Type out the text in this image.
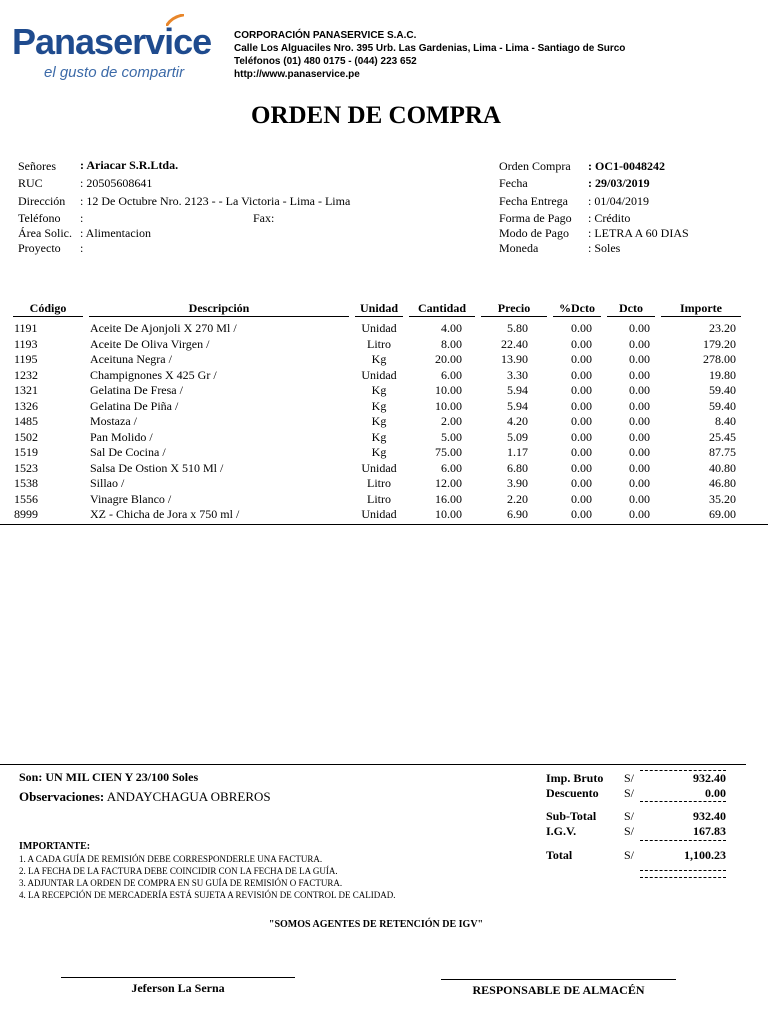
Panaserv
ice
el gusto de compartir
CORPORACIÓN PANASERVICE S.A.C.
Calle Los Alguaciles Nro. 395 Urb. Las Gardenias, Lima - Lima - Santiago de Surco
Teléfonos (01) 480 0175 - (044) 223 652
http://www.panaservice.pe
ORDEN DE COMPRA
Señores : Ariacar S.R.Ltda.
RUC	: 20505608641
Dirección : 12 De Octubre Nro. 2123 - - La Victoria - Lima - Lima
Teléfono :	Fax:
Área Solic. : Alimentacion
Proyecto :
Orden Compra : OC1-0048242
Fecha	: 29/03/2019
Fecha Entrega : 01/04/2019
Forma de Pago : Crédito
Modo de Pago : LETRA A 60 DIAS
Moneda	: Soles
Código	Descripción	Unidad	Cantidad	Precio	%Dcto	Dcto	Importe

1191	Aceite De Ajonjoli X 270 Ml /	Unidad	4.00	5.80	0.00	0.00	23.20
1193	Aceite De Oliva Virgen /	Litro	8.00	22.40	0.00	0.00	179.20
1195	Aceituna Negra /	Kg	20.00	13.90	0.00	0.00	278.00
1232	Champignones X 425 Gr /	Unidad	6.00	3.30	0.00	0.00	19.80
1321	Gelatina De Fresa /	Kg	10.00	5.94	0.00	0.00	59.40
1326	Gelatina De Piña /	Kg	10.00	5.94	0.00	0.00	59.40
1485	Mostaza /	Kg	2.00	4.20	0.00	0.00	8.40
1502	Pan Molido /	Kg	5.00	5.09	0.00	0.00	25.45
1519	Sal De Cocina /	Kg	75.00	1.17	0.00	0.00	87.75
1523	Salsa De Ostion X 510 Ml /	Unidad	6.00	6.80	0.00	0.00	40.80
1538	Sillao /	Litro	12.00	3.90	0.00	0.00	46.80
1556	Vinagre Blanco /	Litro	16.00	2.20	0.00	0.00	35.20
8999	XZ - Chicha de Jora x 750 ml /	Unidad	10.00	6.90	0.00	0.00	69.00
Son: UN MIL CIEN Y 23/100 Soles
Observaciones: ANDAYCHAGUA OBREROS
Imp. Bruto S/	932.40
Descuento S/	0.00
Sub-Total S/	932.40
I.G.V.	S/	167.83
Total	S/	1,100.23
IMPORTANTE:
1. A CADA GUÍA DE REMISIÓN DEBE CORRESPONDERLE UNA FACTURA.
2. LA FECHA DE LA FACTURA DEBE COINCIDIR CON LA FECHA DE LA GUÍA.
3. ADJUNTAR LA ORDEN DE COMPRA EN SU GUÍA DE REMISIÓN O FACTURA.
4. LA RECEPCIÓN DE MERCADERÍA ESTÁ SUJETA A REVISIÓN DE CONTROL DE CALIDAD.
"SOMOS AGENTES DE RETENCIÓN DE IGV"
Jeferson La Serna	RESPONSABLE DE ALMACÉN
